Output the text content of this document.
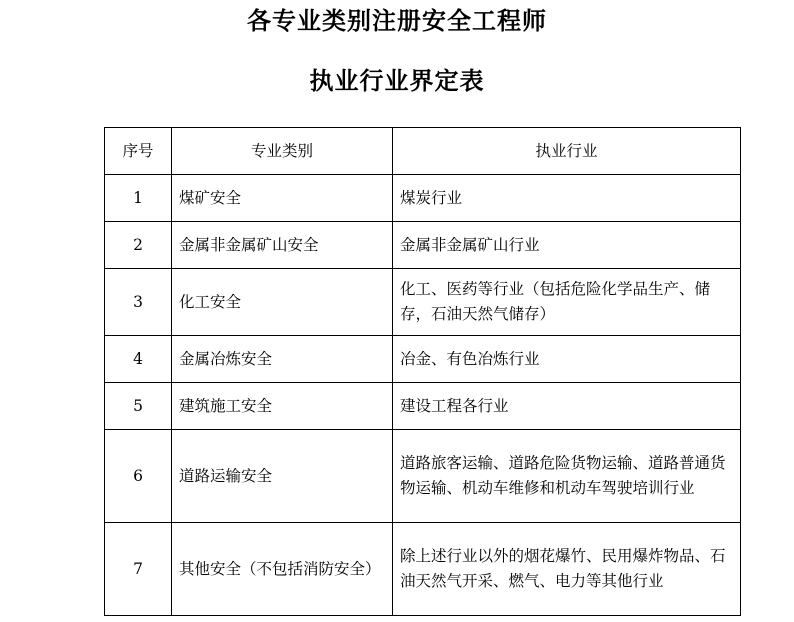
各专业类别注册安全工程师
执业行业界定表
序号	专业类别	执业行业
1	煤矿安全	煤炭行业
2	金属非金属矿山安全	金属非金属矿山行业
3	化工安全	化工、医药等行业（包括危险化学品生产、储存，石油天然气储存）
4	金属冶炼安全	冶金、有色冶炼行业
5	建筑施工安全	建设工程各行业
6	道路运输安全	道路旅客运输、道路危险货物运输、道路普通货物运输、机动车维修和机动车驾驶培训行业
7	其他安全（不包括消防安全）	除上述行业以外的烟花爆竹、民用爆炸物品、石油天然气开采、燃气、电力等其他行业
